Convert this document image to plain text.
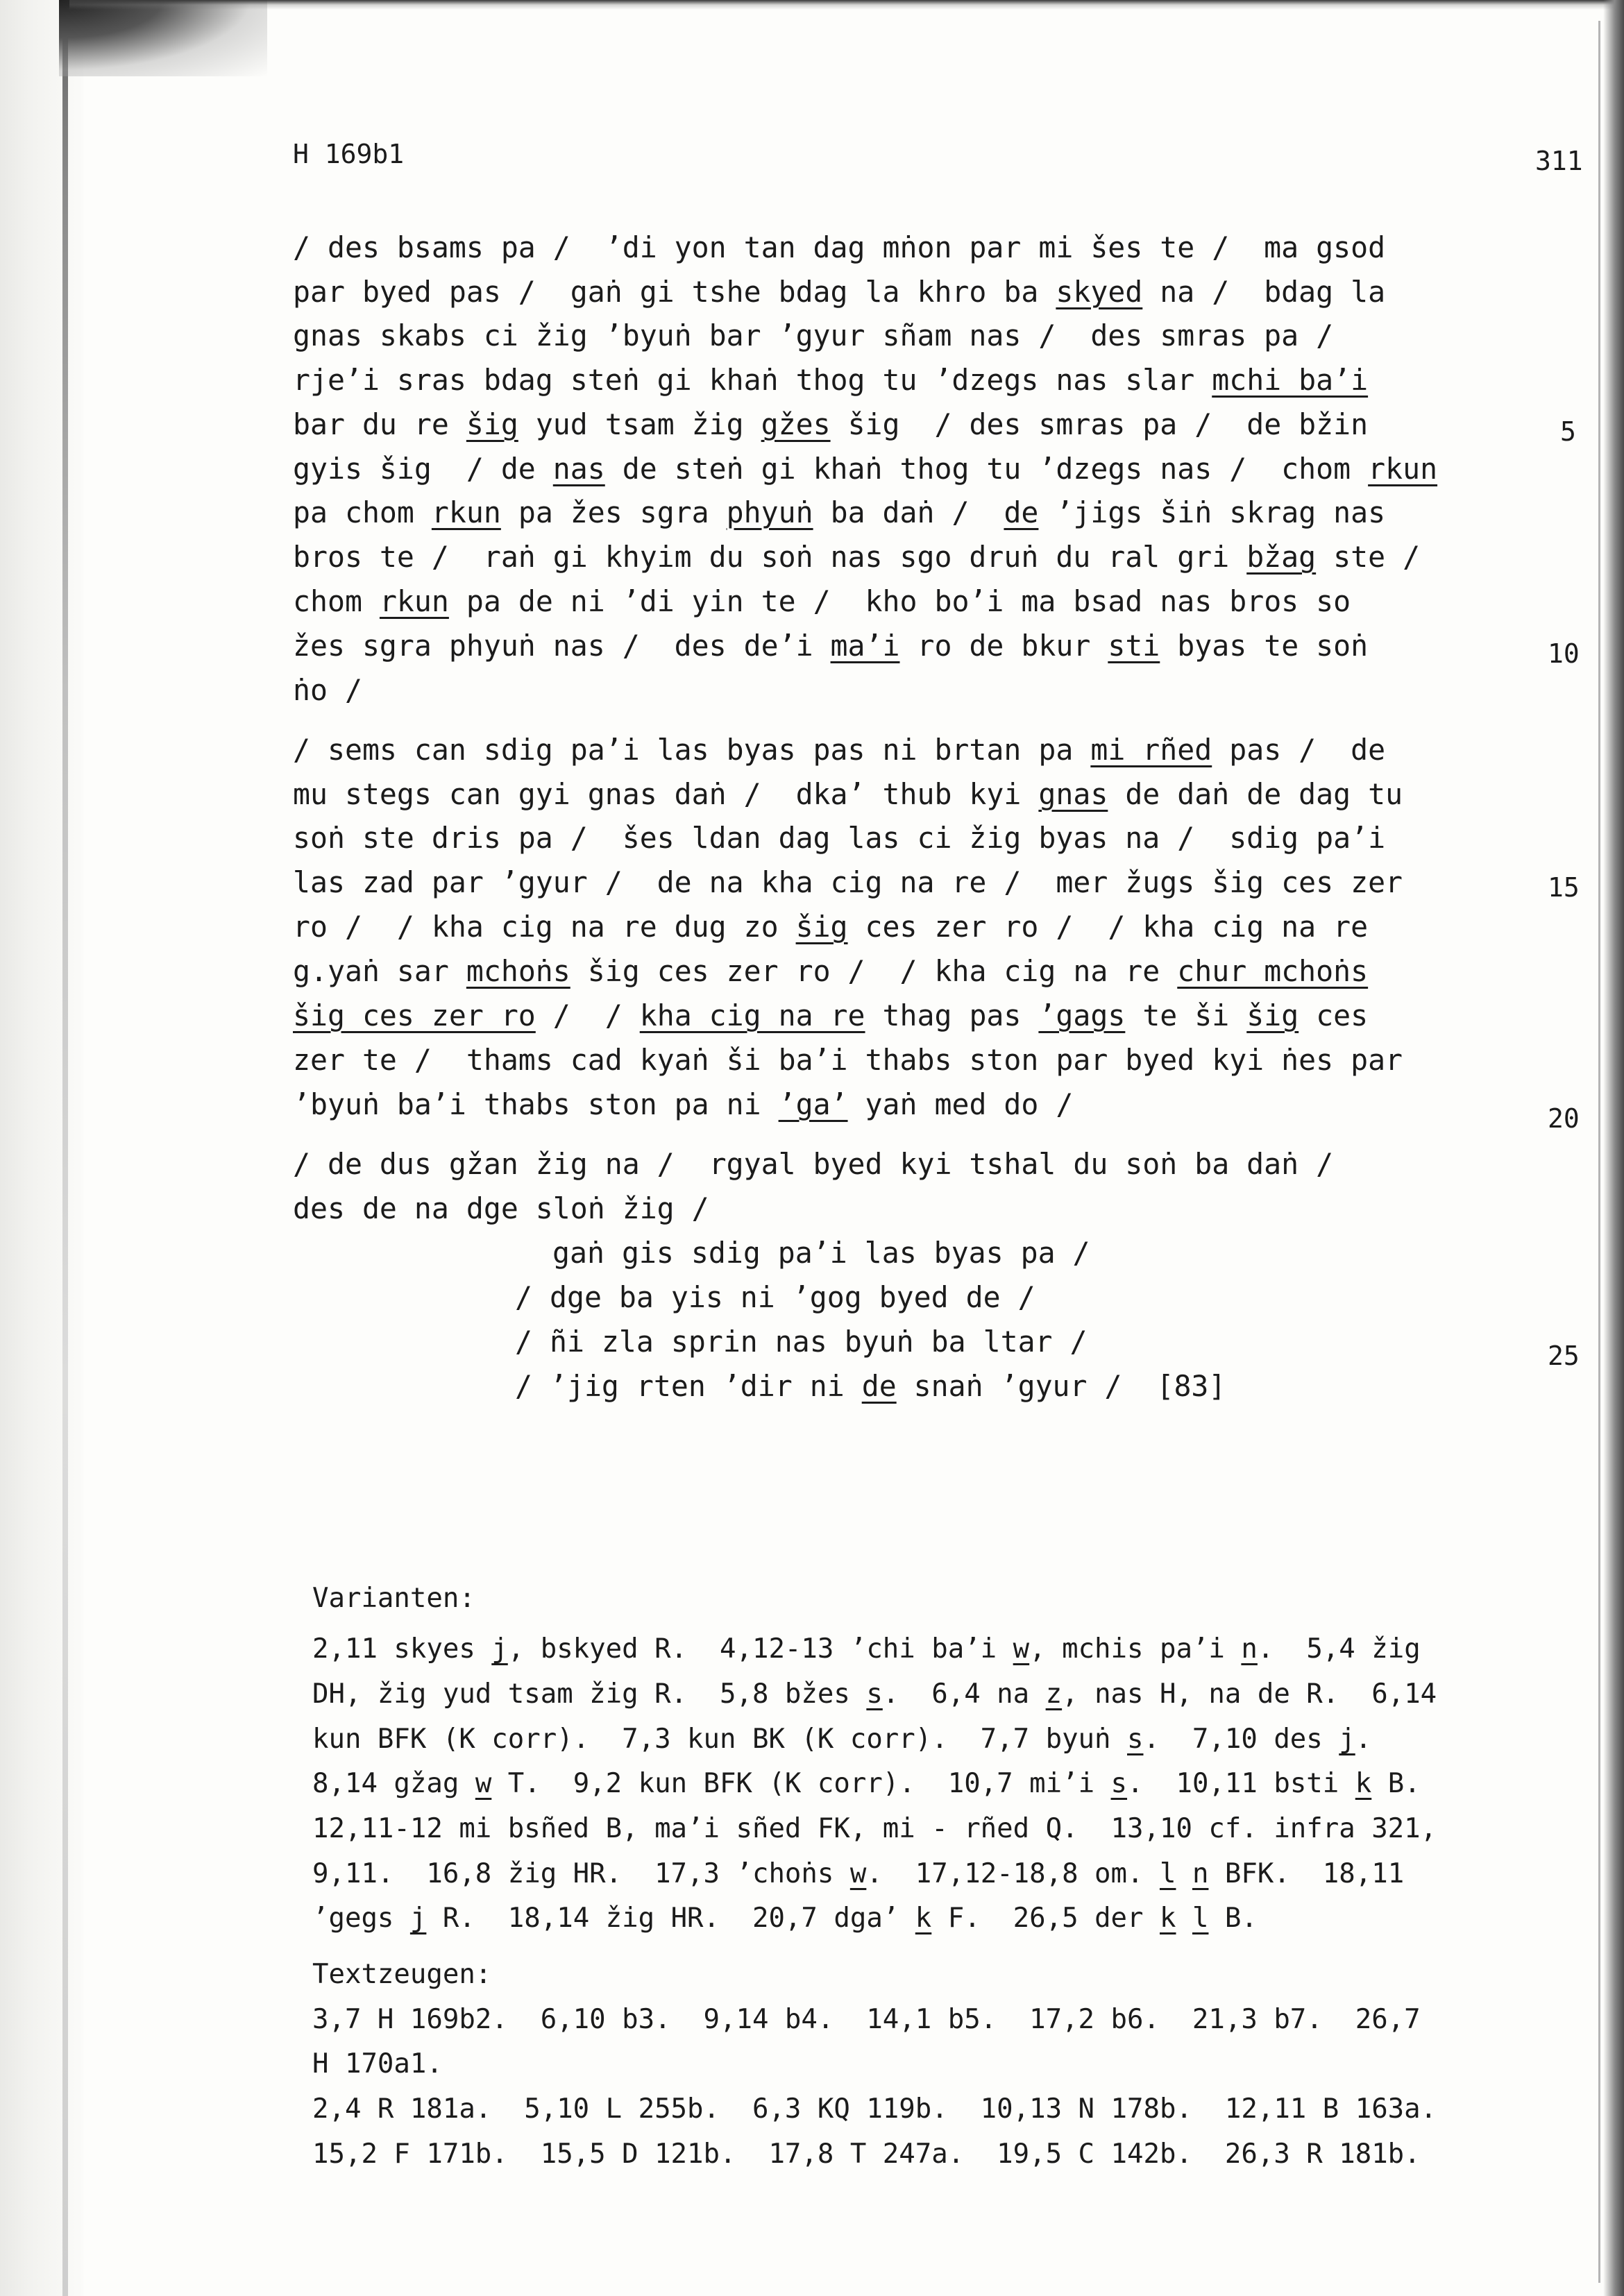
H 169b1	311
/ des bsams pa /  ’di yon tan dag mṅon par mi šes te /  ma gsod
par byed pas /  gaṅ gi tshe bdag la khro ba skyed na /  bdag la
gnas skabs ci žig ’byuṅ bar ’gyur sñam nas /  des smras pa /
rje’i sras bdag steṅ gi khaṅ thog tu ’dzegs nas slar mchi ba’i
bar du re šig yud tsam žig gžes šig  / des smras pa /  de bžin
gyis šig  / de nas de steṅ gi khaṅ thog tu ’dzegs nas /  chom rkun
pa chom rkun pa žes sgra phyuṅ ba daṅ /  de ’jigs šiṅ skrag nas
bros te /  raṅ gi khyim du soṅ nas sgo druṅ du ral gri bžag ste /
chom rkun pa de ni ’di yin te /  kho bo’i ma bsad nas bros so
žes sgra phyuṅ nas /  des de’i ma’i ro de bkur sti byas te soṅ
ṅo /
/ sems can sdig pa’i las byas pas ni brtan pa mi rñed pas /  de
mu stegs can gyi gnas daṅ /  dka’ thub kyi gnas de daṅ de dag tu
soṅ ste dris pa /  šes ldan dag las ci žig byas na /  sdig pa’i
las zad par ’gyur /  de na kha cig na re /  mer žugs šig ces zer
ro /  / kha cig na re dug zo šig ces zer ro /  / kha cig na re
g.yaṅ sar mchoṅs šig ces zer ro /  / kha cig na re chur mchoṅs
šig ces zer ro /  / kha cig na re thag pas ’gags te ši šig ces
zer te /  thams cad kyaṅ ši ba’i thabs ston par byed kyi ṅes par
’byuṅ ba’i thabs ston pa ni ’ga’ yaṅ med do /
/ de dus gžan žig na /  rgyal byed kyi tshal du soṅ ba daṅ /
des de na dge sloṅ žig /
gaṅ gis sdig pa’i las byas pa /
/ dge ba yis ni ’gog byed de /
/ ñi zla sprin nas byuṅ ba ltar /
/ ’jig rten ’dir ni de snaṅ ’gyur /  [83]
5
10
15
20
25
Varianten:
2,11 skyes j, bskyed R.  4,12-13 ’chi ba’i w, mchis pa’i n.  5,4 žig
DH, žig yud tsam žig R.  5,8 bžes s.  6,4 na z, nas H, na de R.  6,14
kun BFK (K corr).  7,3 kun BK (K corr).  7,7 byuṅ s.  7,10 des j.
8,14 gžag w T.  9,2 kun BFK (K corr).  10,7 mi’i s.  10,11 bsti k B.
12,11-12 mi bsñed B, ma’i sñed FK, mi - rñed Q.  13,10 cf. infra 321,
9,11.  16,8 žig HR.  17,3 ’choṅs w.  17,12-18,8 om. l n BFK.  18,11
’gegs j R.  18,14 žig HR.  20,7 dga’ k F.  26,5 der k l B.
Textzeugen:
3,7 H 169b2.  6,10 b3.  9,14 b4.  14,1 b5.  17,2 b6.  21,3 b7.  26,7
H 170a1.
2,4 R 181a.  5,10 L 255b.  6,3 KQ 119b.  10,13 N 178b.  12,11 B 163a.
15,2 F 171b.  15,5 D 121b.  17,8 T 247a.  19,5 C 142b.  26,3 R 181b.
